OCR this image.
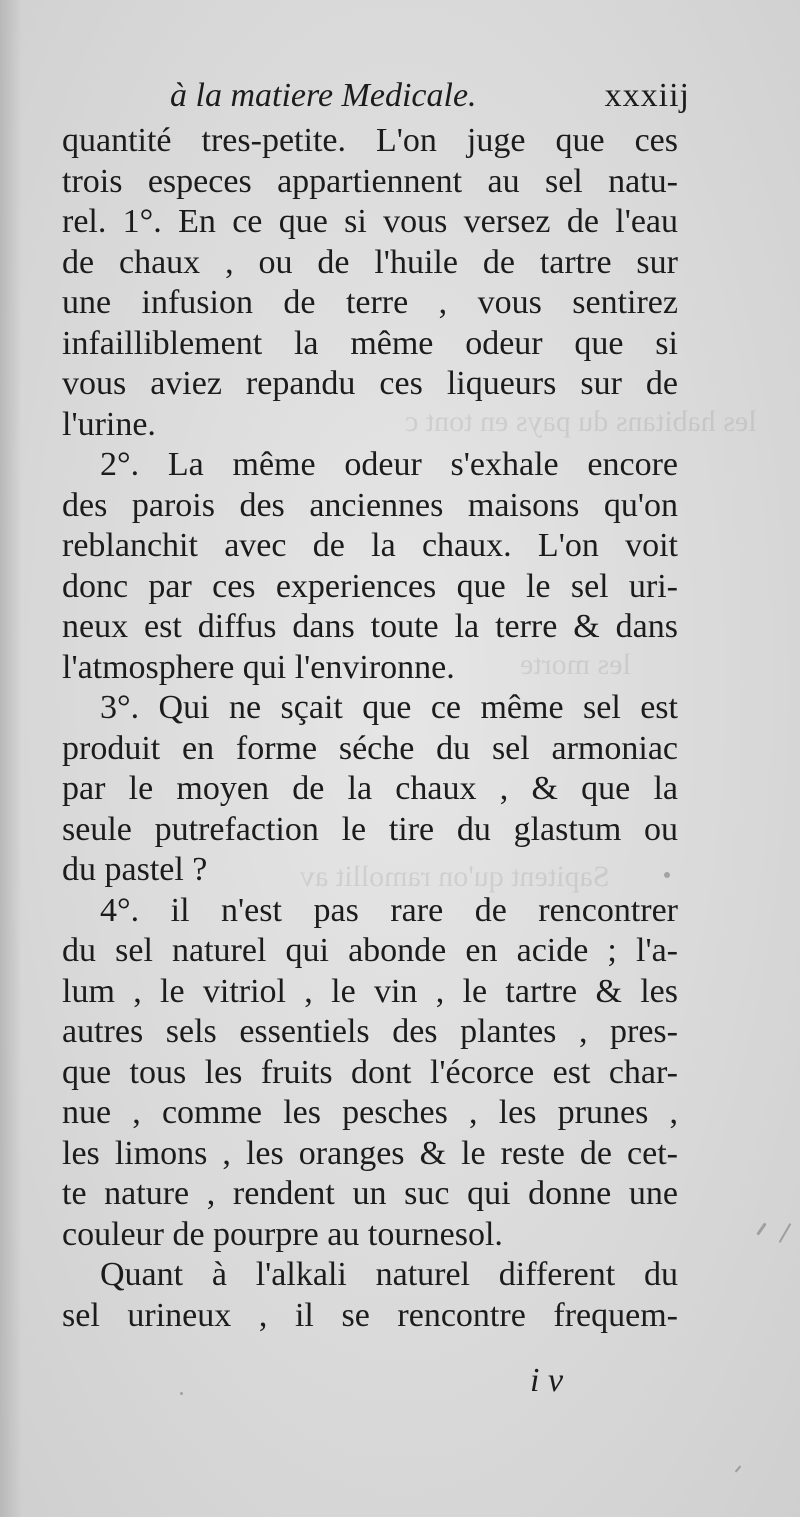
les habitans du pays en tont c
les morte
Sapitent qu'on ramollit av
à la matiere Medicale.	xxxiij
quantité tres-petite. L'on juge que ces
trois especes appartiennent au sel natu-
rel. 1°. En ce que si vous versez de l'eau
de chaux , ou de l'huile de tartre sur
une infusion de terre , vous sentirez
infailliblement la même odeur que si
vous aviez repandu ces liqueurs sur de
l'urine.
2°. La même odeur s'exhale encore
des parois des anciennes maisons qu'on
reblanchit avec de la chaux. L'on voit
donc par ces experiences que le sel uri-
neux est diffus dans toute la terre & dans
l'atmosphere qui l'environne.
3°. Qui ne sçait que ce même sel est
produit en forme séche du sel armoniac
par le moyen de la chaux , & que la
seule putrefaction le tire du glastum ou
du pastel ?
4°. il n'est pas rare de rencontrer
du sel naturel qui abonde en acide ; l'a-
lum , le vitriol , le vin , le tartre & les
autres sels essentiels des plantes , pres-
que tous les fruits dont l'écorce est char-
nue , comme les pesches , les prunes ,
les limons , les oranges & le reste de cet-
te nature , rendent un suc qui donne une
couleur de pourpre au tournesol.
Quant à l'alkali naturel different du
sel urineux , il se rencontre frequem-
i v
